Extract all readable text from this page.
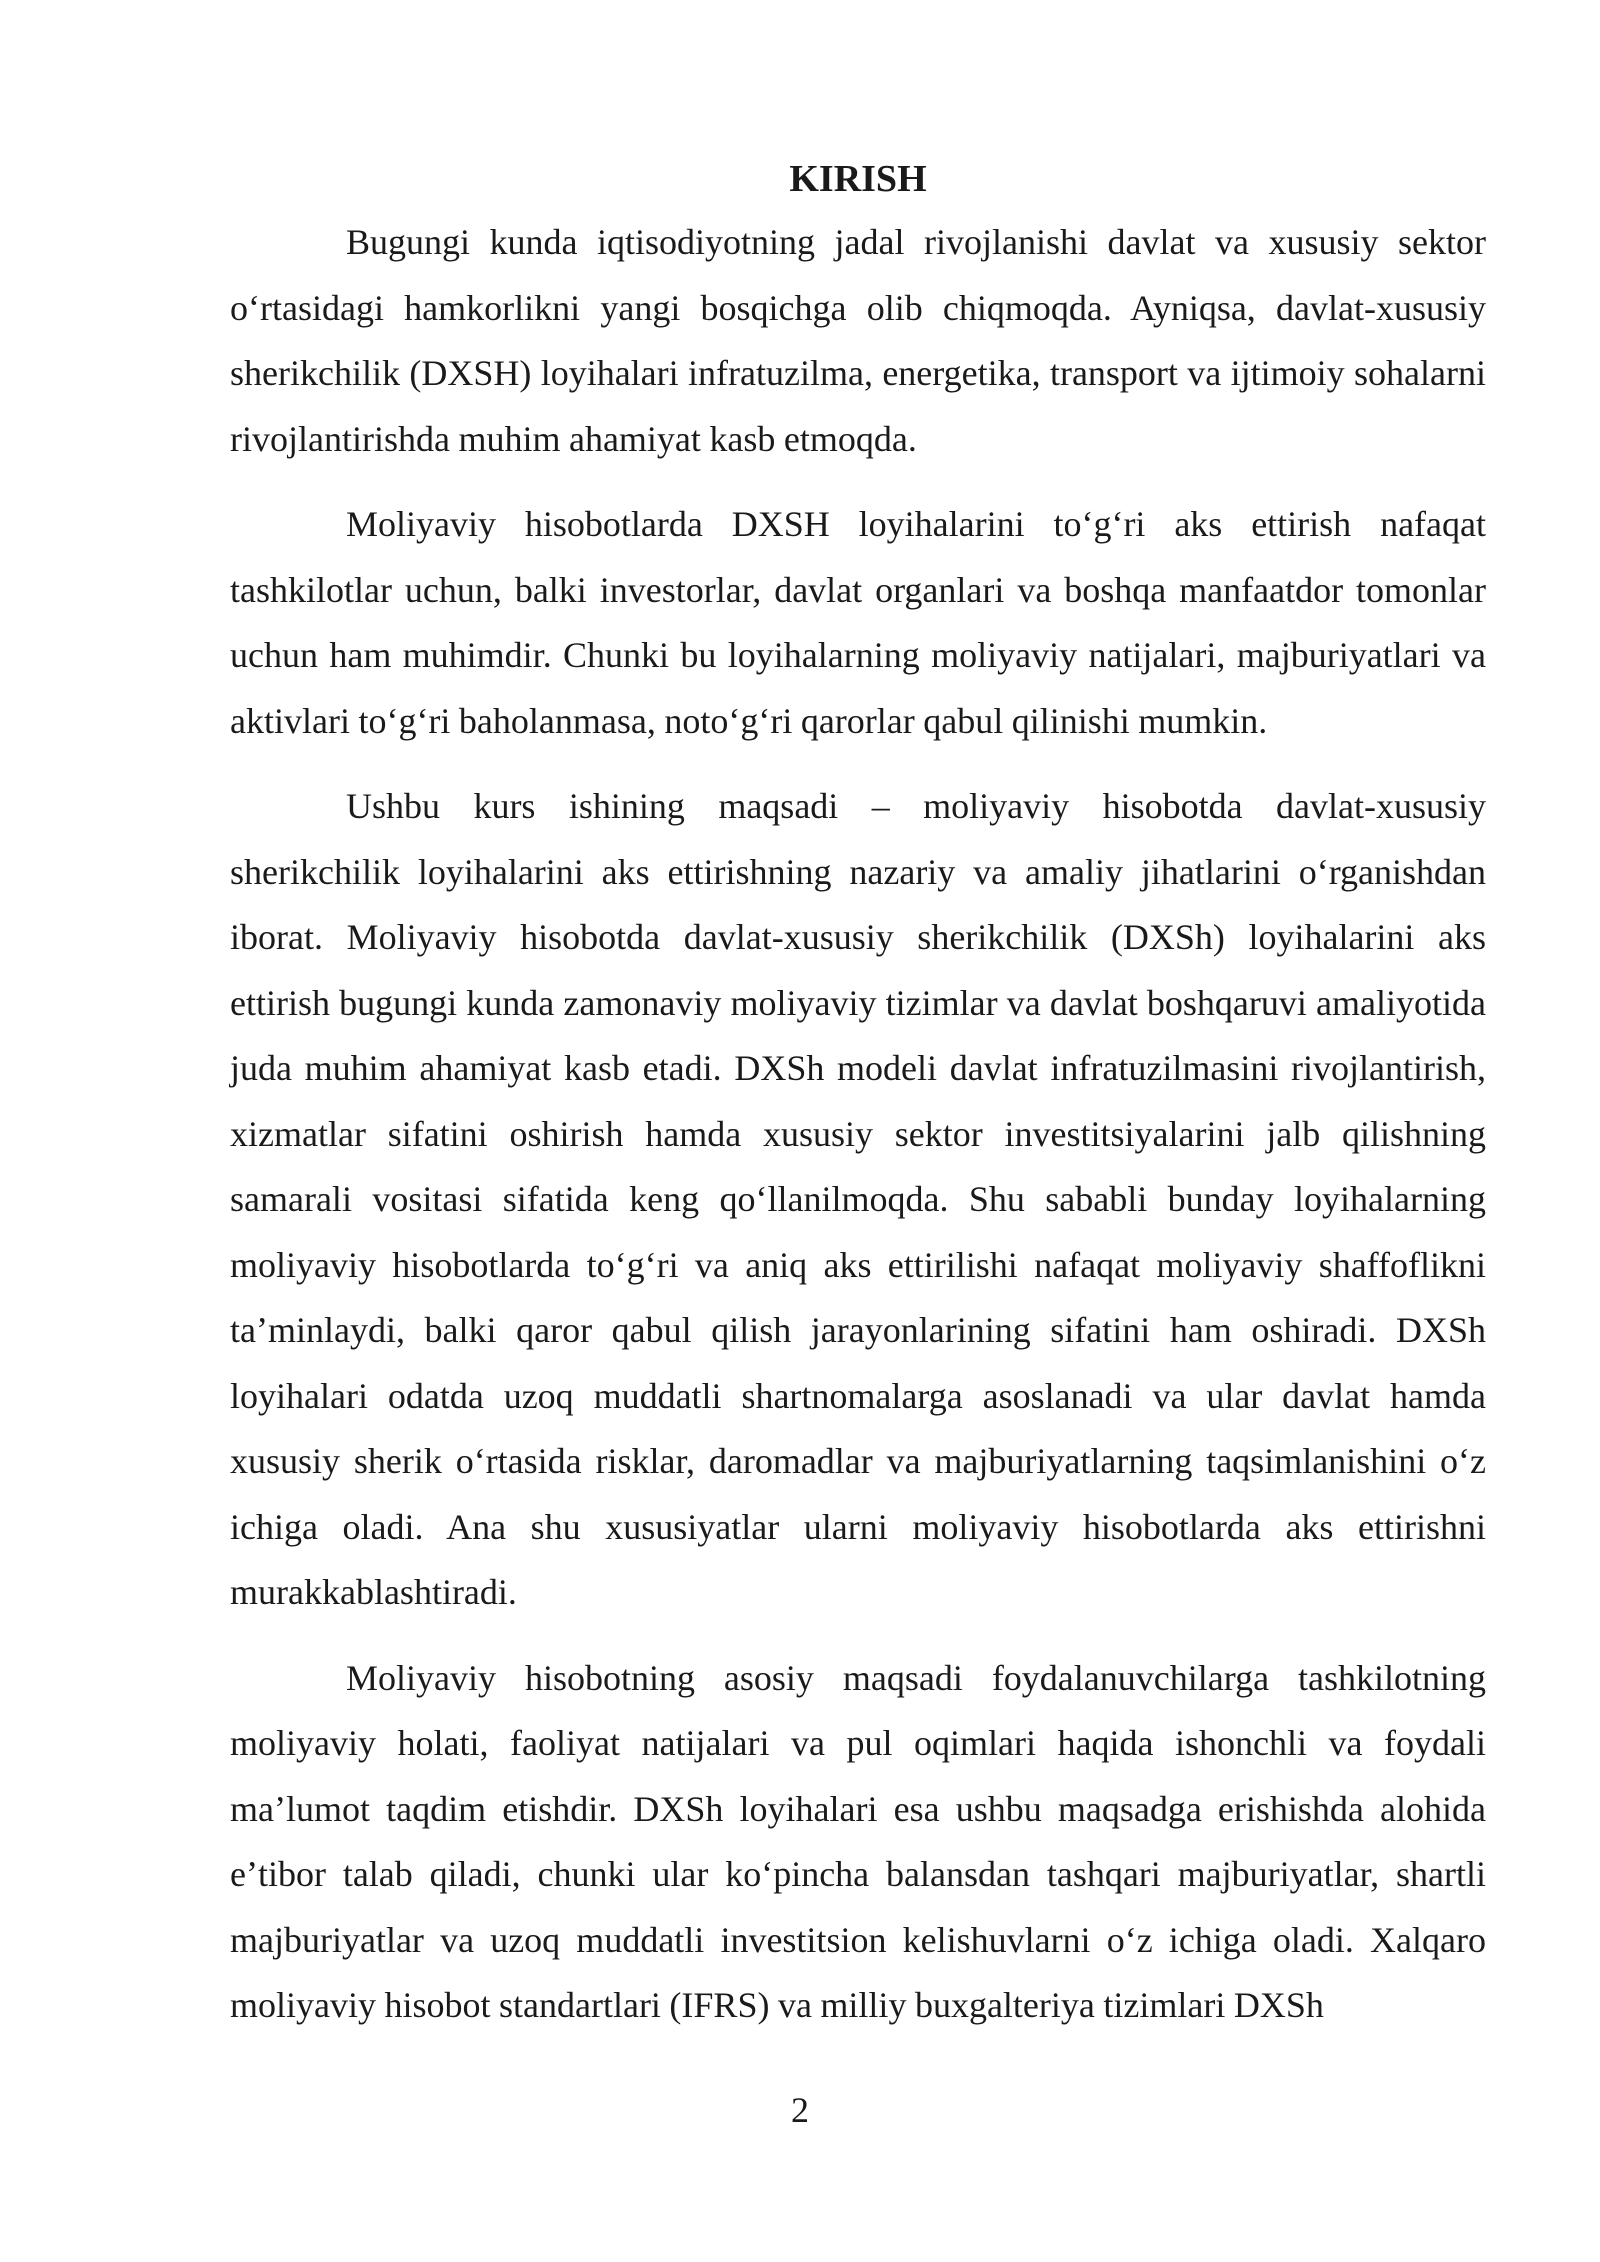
KIRISH

Bugungi kunda iqtisodiyotning jadal rivojlanishi davlat va xususiy sektor oʻrtasidagi hamkorlikni yangi bosqichga olib chiqmoqda. Ayniqsa, davlat-xususiy sherikchilik (DXSH) loyihalari infratuzilma, energetika, transport va ijtimoiy sohalarni rivojlantirishda muhim ahamiyat kasb etmoqda.

Moliyaviy hisobotlarda DXSH loyihalarini toʻgʻri aks ettirish nafaqat tashkilotlar uchun, balki investorlar, davlat organlari va boshqa manfaatdor tomonlar uchun ham muhimdir. Chunki bu loyihalarning moliyaviy natijalari, majburiyatlari va aktivlari toʻgʻri baholanmasa, notoʻgʻri qarorlar qabul qilinishi mumkin.

Ushbu kurs ishining maqsadi – moliyaviy hisobotda davlat-xususiy sherikchilik loyihalarini aks ettirishning nazariy va amaliy jihatlarini oʻrganishdan iborat. Moliyaviy hisobotda davlat-xususiy sherikchilik (DXSh) loyihalarini aks ettirish bugungi kunda zamonaviy moliyaviy tizimlar va davlat boshqaruvi amaliyotida juda muhim ahamiyat kasb etadi. DXSh modeli davlat infratuzilmasini rivojlantirish, xizmatlar sifatini oshirish hamda xususiy sektor investitsiyalarini jalb qilishning samarali vositasi sifatida keng qoʻllanilmoqda. Shu sababli bunday loyihalarning moliyaviy hisobotlarda toʻgʻri va aniq aks ettirilishi nafaqat moliyaviy shaffoflikni taʼminlaydi, balki qaror qabul qilish jarayonlarining sifatini ham oshiradi. DXSh loyihalari odatda uzoq muddatli shartnomalarga asoslanadi va ular davlat hamda xususiy sherik oʻrtasida risklar, daromadlar va majburiyatlarning taqsimlanishini oʻz ichiga oladi. Ana shu xususiyatlar ularni moliyaviy hisobotlarda aks ettirishni murakkablashtiradi.

Moliyaviy hisobotning asosiy maqsadi foydalanuvchilarga tashkilotning moliyaviy holati, faoliyat natijalari va pul oqimlari haqida ishonchli va foydali maʼlumot taqdim etishdir. DXSh loyihalari esa ushbu maqsadga erishishda alohida eʼtibor talab qiladi, chunki ular koʻpincha balansdan tashqari majburiyatlar, shartli majburiyatlar va uzoq muddatli investitsion kelishuvlarni oʻz ichiga oladi. Xalqaro moliyaviy hisobot standartlari (IFRS) va milliy buxgalteriya tizimlari DXSh

2
